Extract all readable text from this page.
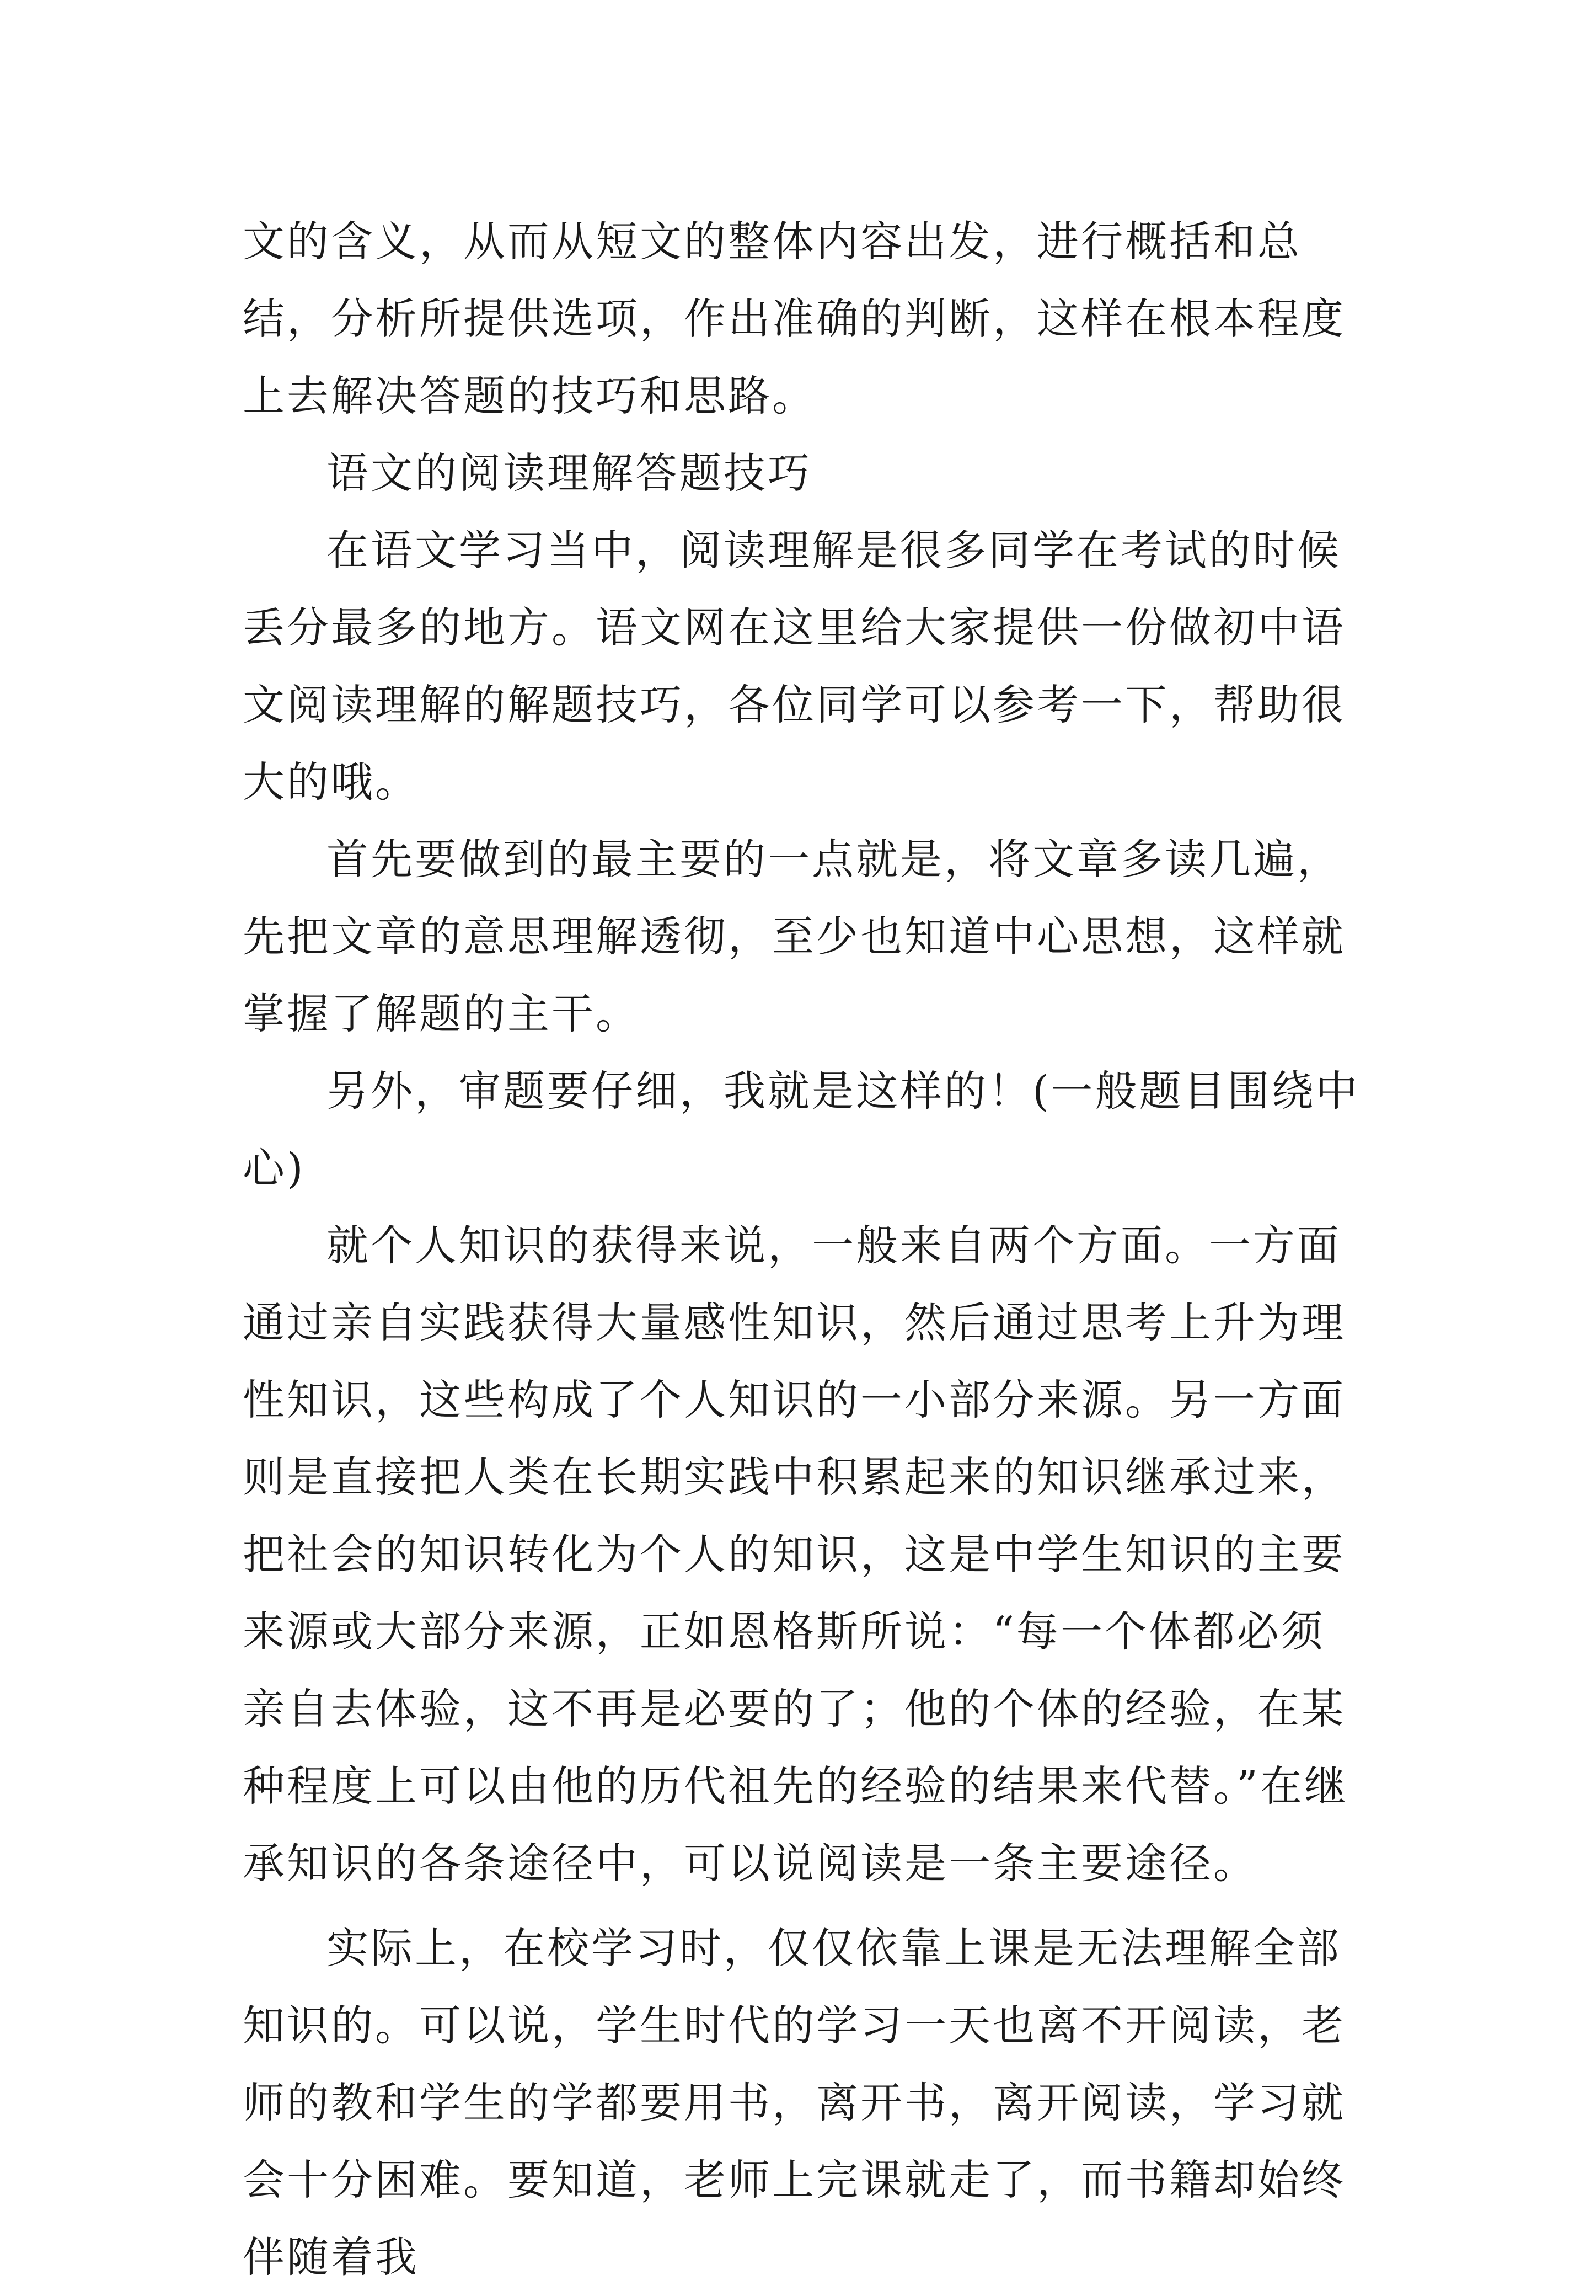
文的含义，从而从短文的整体内容出发，进行概括和总结，分析所提供选项，作出准确的判断，这样在根本程度上去解决答题的技巧和思路。

语文的阅读理解答题技巧

在语文学习当中，阅读理解是很多同学在考试的时候丢分最多的地方。语文网在这里给大家提供一份做初中语文阅读理解的解题技巧，各位同学可以参考一下，帮助很大的哦。

首先要做到的最主要的一点就是，将文章多读几遍，先把文章的意思理解透彻，至少也知道中心思想，这样就掌握了解题的主干。

另外，审题要仔细，我就是这样的！(一般题目围绕中心)

就个人知识的获得来说，一般来自两个方面。一方面通过亲自实践获得大量感性知识，然后通过思考上升为理性知识，这些构成了个人知识的一小部分来源。另一方面则是直接把人类在长期实践中积累起来的知识继承过来，把社会的知识转化为个人的知识，这是中学生知识的主要来源或大部分来源，正如恩格斯所说：“每一个体都必须亲自去体验，这不再是必要的了；他的个体的经验，在某种程度上可以由他的历代祖先的经验的结果来代替。”在继承知识的各条途径中，可以说阅读是一条主要途径。

实际上，在校学习时，仅仅依靠上课是无法理解全部知识的。可以说，学生时代的学习一天也离不开阅读，老师的教和学生的学都要用书，离开书，离开阅读，学习就会十分困难。要知道，老师上完课就走了，而书籍却始终伴随着我
